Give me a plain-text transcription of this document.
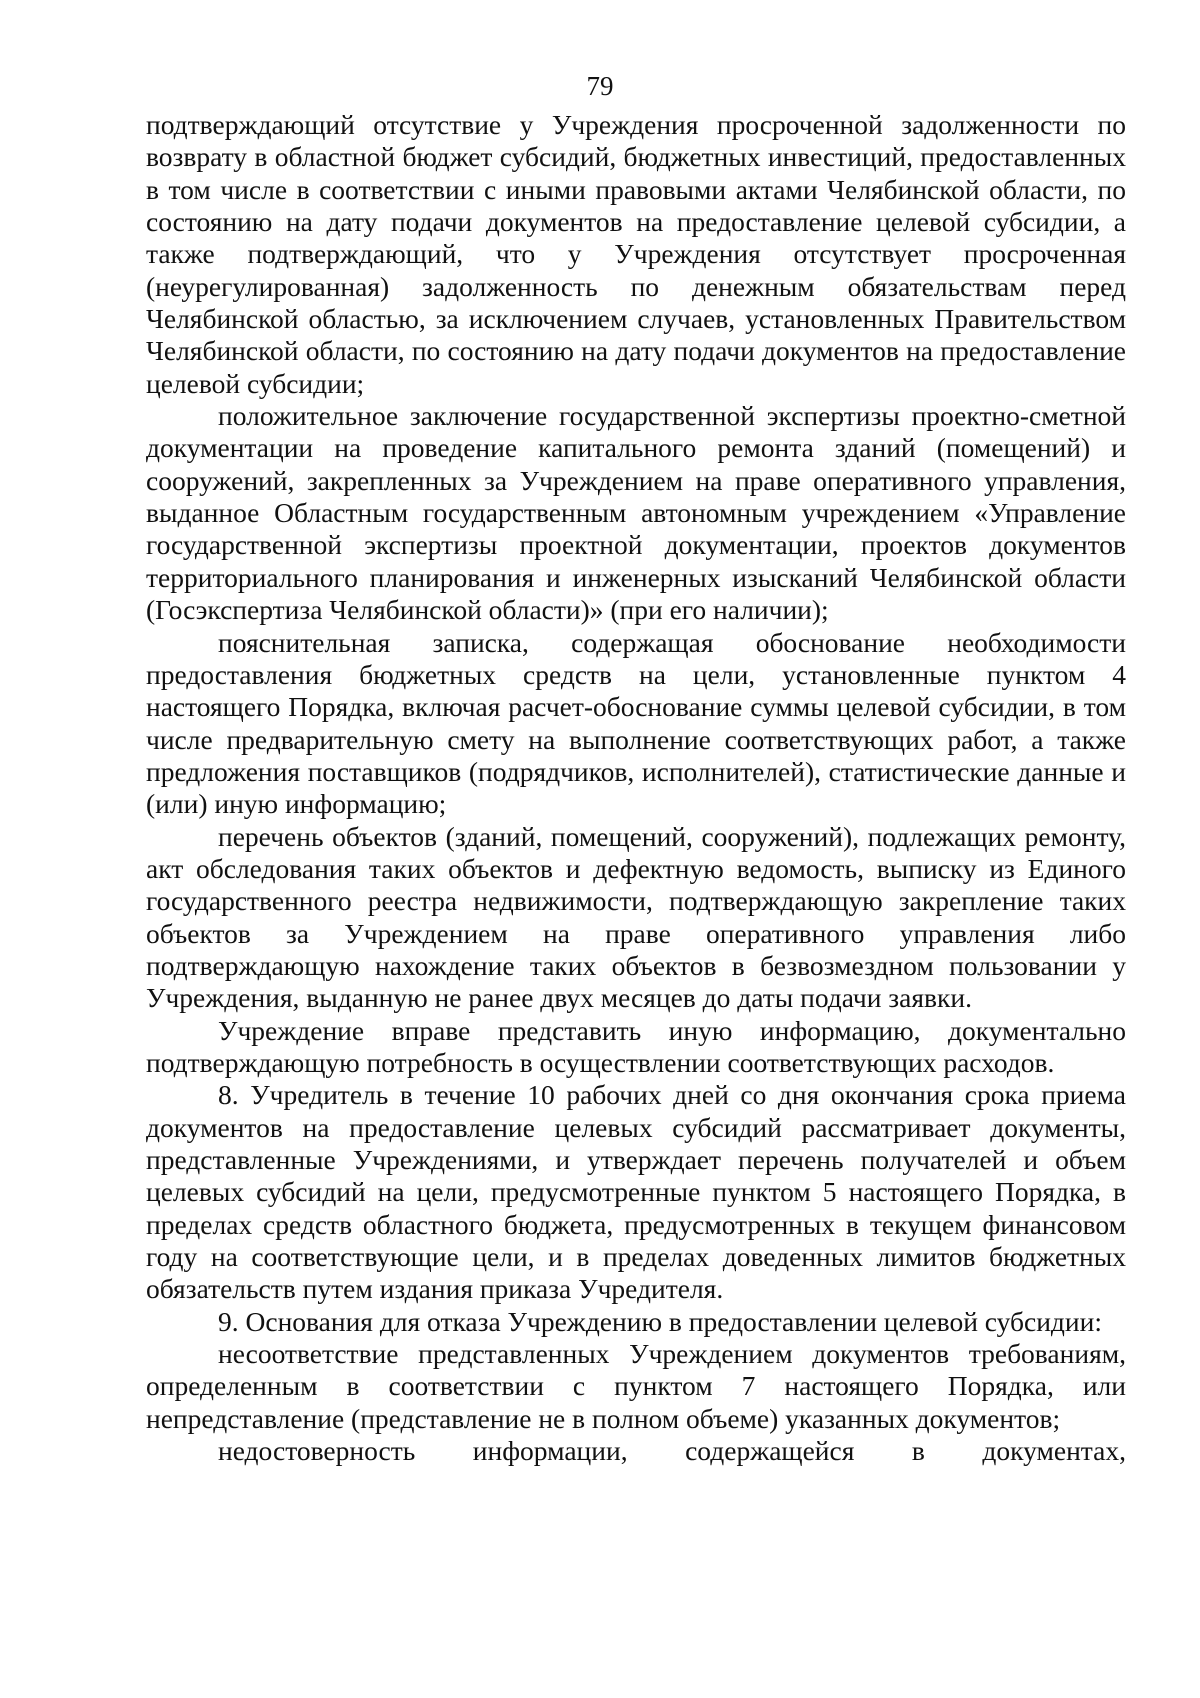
79

подтверждающий отсутствие у Учреждения просроченной задолженности по возврату в областной бюджет субсидий, бюджетных инвестиций, предоставленных в том числе в соответствии с иными правовыми актами Челябинской области, по состоянию на дату подачи документов на предоставление целевой субсидии, а также подтверждающий, что у Учреждения отсутствует просроченная (неурегулированная) задолженность по денежным обязательствам перед Челябинской областью, за исключением случаев, установленных Правительством Челябинской области, по состоянию на дату подачи документов на предоставление целевой субсидии;

положительное заключение государственной экспертизы проектно-сметной документации на проведение капитального ремонта зданий (помещений) и сооружений, закрепленных за Учреждением на праве оперативного управления, выданное Областным государственным автономным учреждением «Управление государственной экспертизы проектной документации, проектов документов территориального планирования и инженерных изысканий Челябинской области (Госэкспертиза Челябинской области)» (при его наличии);

пояснительная записка, содержащая обоснование необходимости предоставления бюджетных средств на цели, установленные пунктом 4 настоящего Порядка, включая расчет-обоснование суммы целевой субсидии, в том числе предварительную смету на выполнение соответствующих работ, а также предложения поставщиков (подрядчиков, исполнителей), статистические данные и (или) иную информацию;

перечень объектов (зданий, помещений, сооружений), подлежащих ремонту, акт обследования таких объектов и дефектную ведомость, выписку из Единого государственного реестра недвижимости, подтверждающую закрепление таких объектов за Учреждением на праве оперативного управления либо подтверждающую нахождение таких объектов в безвозмездном пользовании у Учреждения, выданную не ранее двух месяцев до даты подачи заявки.

Учреждение вправе представить иную информацию, документально подтверждающую потребность в осуществлении соответствующих расходов.

8. Учредитель в течение 10 рабочих дней со дня окончания срока приема документов на предоставление целевых субсидий рассматривает документы, представленные Учреждениями, и утверждает перечень получателей и объем целевых субсидий на цели, предусмотренные пунктом 5 настоящего Порядка, в пределах средств областного бюджета, предусмотренных в текущем финансовом году на соответствующие цели, и в пределах доведенных лимитов бюджетных обязательств путем издания приказа Учредителя.

9. Основания для отказа Учреждению в предоставлении целевой субсидии:

несоответствие представленных Учреждением документов требованиям, определенным в соответствии с пунктом 7 настоящего Порядка, или непредставление (представление не в полном объеме) указанных документов;

недостоверность информации, содержащейся в документах,
